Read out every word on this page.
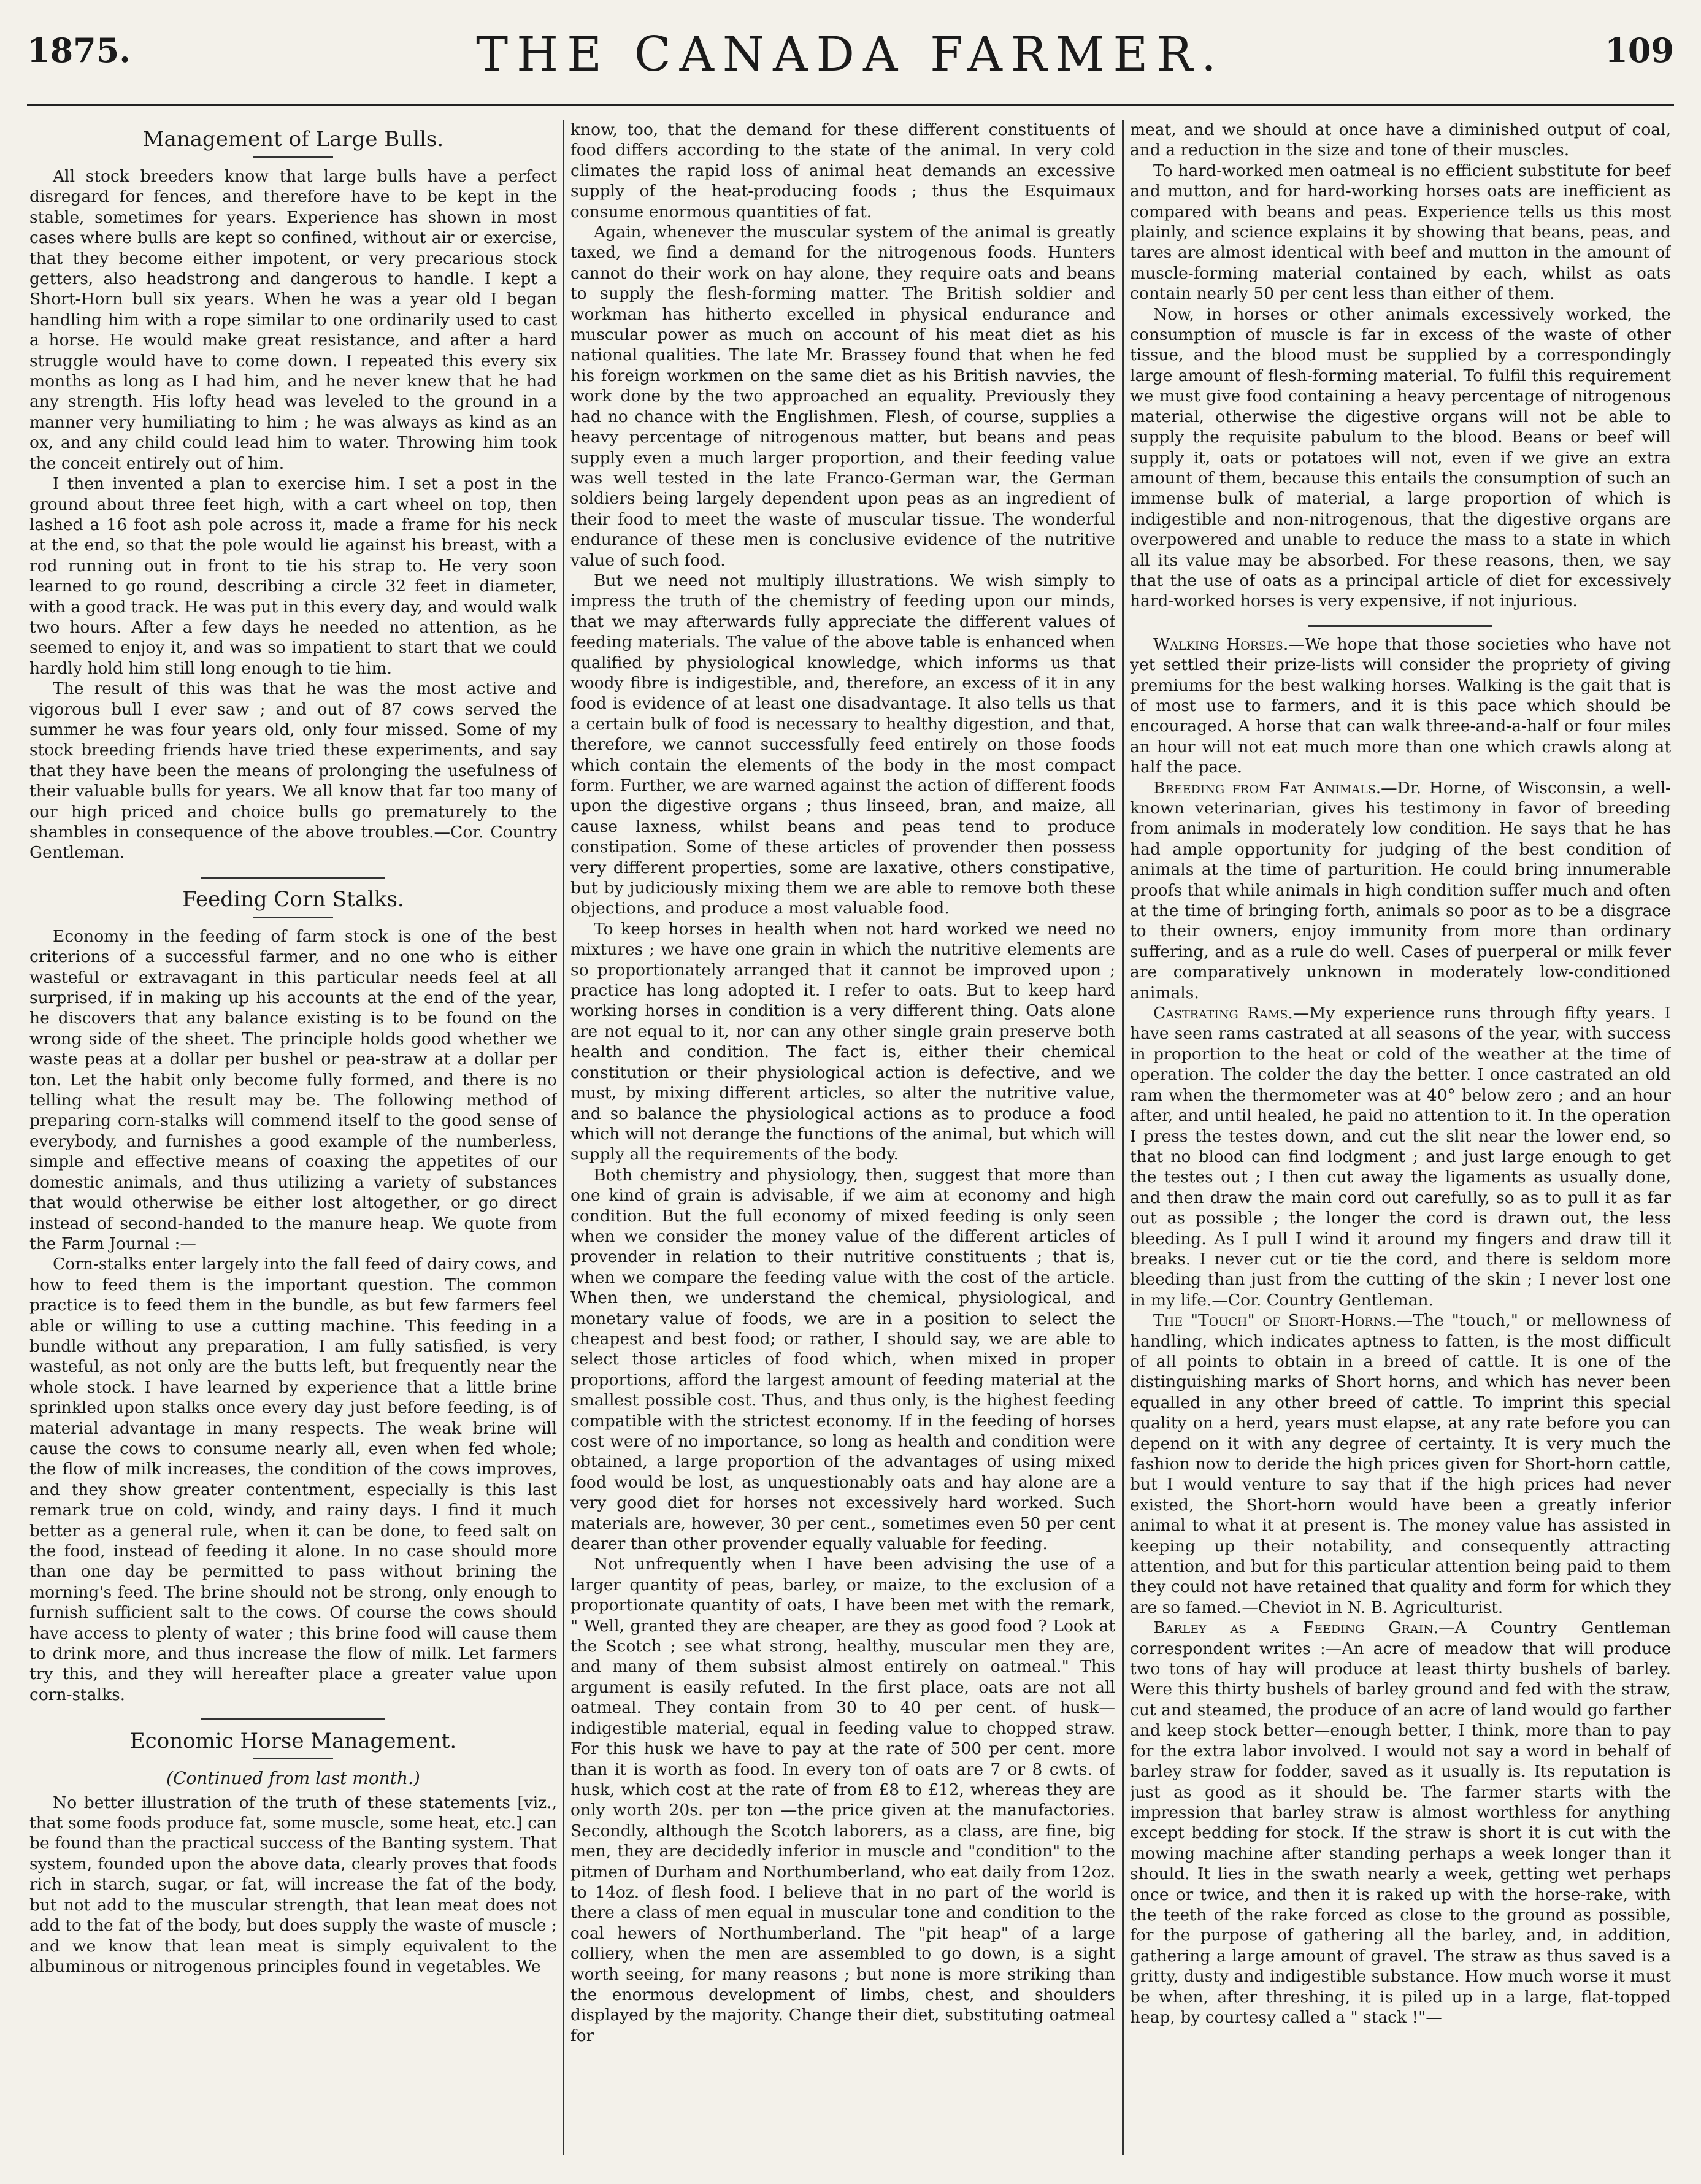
1875.	THE CANADA FARMER.	109
Management of Large Bulls.

All stock breeders know that large bulls have a perfect disregard for fences, and therefore have to be kept in the stable, sometimes for years. Experience has shown in most cases where bulls are kept so confined, without air or exercise, that they become either impotent, or very precarious stock getters, also headstrong and dangerous to handle. I kept a Short-Horn bull six years. When he was a year old I began handling him with a rope similar to one ordinarily used to cast a horse. He would make great resistance, and after a hard struggle would have to come down. I repeated this every six months as long as I had him, and he never knew that he had any strength. His lofty head was leveled to the ground in a manner very humiliating to him ; he was always as kind as an ox, and any child could lead him to water. Throwing him took the conceit entirely out of him.

I then invented a plan to exercise him. I set a post in the ground about three feet high, with a cart wheel on top, then lashed a 16 foot ash pole across it, made a frame for his neck at the end, so that the pole would lie against his breast, with a rod running out in front to tie his strap to. He very soon learned to go round, describing a circle 32 feet in diameter, with a good track. He was put in this every day, and would walk two hours. After a few days he needed no attention, as he seemed to enjoy it, and was so impatient to start that we could hardly hold him still long enough to tie him.

The result of this was that he was the most active and vigorous bull I ever saw ; and out of 87 cows served the summer he was four years old, only four missed. Some of my stock breeding friends have tried these experiments, and say that they have been the means of prolonging the usefulness of their valuable bulls for years. We all know that far too many of our high priced and choice bulls go prematurely to the shambles in consequence of the above troubles.—Cor. Country Gentleman.

Feeding Corn Stalks.

Economy in the feeding of farm stock is one of the best criterions of a successful farmer, and no one who is either wasteful or extravagant in this particular needs feel at all surprised, if in making up his accounts at the end of the year, he discovers that any balance existing is to be found on the wrong side of the sheet. The principle holds good whether we waste peas at a dollar per bushel or pea-straw at a dollar per ton. Let the habit only become fully formed, and there is no telling what the result may be. The following method of preparing corn-stalks will commend itself to the good sense of everybody, and furnishes a good example of the numberless, simple and effective means of coaxing the appetites of our domestic animals, and thus utilizing a variety of substances that would otherwise be either lost altogether, or go direct instead of second-handed to the manure heap. We quote from the Farm Journal :—

Corn-stalks enter largely into the fall feed of dairy cows, and how to feed them is the important question. The common practice is to feed them in the bundle, as but few farmers feel able or willing to use a cutting machine. This feeding in a bundle without any preparation, I am fully satisfied, is very wasteful, as not only are the butts left, but frequently near the whole stock. I have learned by experience that a little brine sprinkled upon stalks once every day just before feeding, is of material advantage in many respects. The weak brine will cause the cows to consume nearly all, even when fed whole; the flow of milk increases, the condition of the cows improves, and they show greater contentment, especially is this last remark true on cold, windy, and rainy days. I find it much better as a general rule, when it can be done, to feed salt on the food, instead of feeding it alone. In no case should more than one day be permitted to pass without brining the morning's feed. The brine should not be strong, only enough to furnish sufficient salt to the cows. Of course the cows should have access to plenty of water ; this brine food will cause them to drink more, and thus increase the flow of milk. Let farmers try this, and they will hereafter place a greater value upon corn-stalks.

Economic Horse Management.
(Continued from last month.)

No better illustration of the truth of these statements [viz., that some foods produce fat, some muscle, some heat, etc.] can be found than the practical success of the Banting system. That system, founded upon the above data, clearly proves that foods rich in starch, sugar, or fat, will increase the fat of the body, but not add to the muscular strength, that lean meat does not add to the fat of the body, but does supply the waste of muscle ; and we know that lean meat is simply equivalent to the albuminous or nitrogenous principles found in vegetables. We

know, too, that the demand for these different constituents of food differs according to the state of the animal. In very cold climates the rapid loss of animal heat demands an excessive supply of the heat-producing foods ; thus the Esquimaux consume enormous quantities of fat.

Again, whenever the muscular system of the animal is greatly taxed, we find a demand for the nitrogenous foods. Hunters cannot do their work on hay alone, they require oats and beans to supply the flesh-forming matter. The British soldier and workman has hitherto excelled in physical endurance and muscular power as much on account of his meat diet as his national qualities. The late Mr. Brassey found that when he fed his foreign workmen on the same diet as his British navvies, the work done by the two approached an equality. Previously they had no chance with the Englishmen. Flesh, of course, supplies a heavy percentage of nitrogenous matter, but beans and peas supply even a much larger proportion, and their feeding value was well tested in the late Franco-German war, the German soldiers being largely dependent upon peas as an ingredient of their food to meet the waste of muscular tissue. The wonderful endurance of these men is conclusive evidence of the nutritive value of such food.

But we need not multiply illustrations. We wish simply to impress the truth of the chemistry of feeding upon our minds, that we may afterwards fully appreciate the different values of feeding materials. The value of the above table is enhanced when qualified by physiological knowledge, which informs us that woody fibre is indigestible, and, therefore, an excess of it in any food is evidence of at least one disadvantage. It also tells us that a certain bulk of food is necessary to healthy digestion, and that, therefore, we cannot successfully feed entirely on those foods which contain the elements of the body in the most compact form. Further, we are warned against the action of different foods upon the digestive organs ; thus linseed, bran, and maize, all cause laxness, whilst beans and peas tend to produce constipation. Some of these articles of provender then possess very different properties, some are laxative, others constipative, but by judiciously mixing them we are able to remove both these objections, and produce a most valuable food.

To keep horses in health when not hard worked we need no mixtures ; we have one grain in which the nutritive elements are so proportionately arranged that it cannot be improved upon ; practice has long adopted it. I refer to oats. But to keep hard working horses in condition is a very different thing. Oats alone are not equal to it, nor can any other single grain preserve both health and condition. The fact is, either their chemical constitution or their physiological action is defective, and we must, by mixing different articles, so alter the nutritive value, and so balance the physiological actions as to produce a food which will not derange the functions of the animal, but which will supply all the requirements of the body.

Both chemistry and physiology, then, suggest that more than one kind of grain is advisable, if we aim at economy and high condition. But the full economy of mixed feeding is only seen when we consider the money value of the different articles of provender in relation to their nutritive constituents ; that is, when we compare the feeding value with the cost of the article. When then, we understand the chemical, physiological, and monetary value of foods, we are in a position to select the cheapest and best food; or rather, I should say, we are able to select those articles of food which, when mixed in proper proportions, afford the largest amount of feeding material at the smallest possible cost. Thus, and thus only, is the highest feeding compatible with the strictest economy. If in the feeding of horses cost were of no importance, so long as health and condition were obtained, a large proportion of the advantages of using mixed food would be lost, as unquestionably oats and hay alone are a very good diet for horses not excessively hard worked. Such materials are, however, 30 per cent., sometimes even 50 per cent dearer than other provender equally valuable for feeding.

Not unfrequently when I have been advising the use of a larger quantity of peas, barley, or maize, to the exclusion of a proportionate quantity of oats, I have been met with the remark, " Well, granted they are cheaper, are they as good food ? Look at the Scotch ; see what strong, healthy, muscular men they are, and many of them subsist almost entirely on oatmeal." This argument is easily refuted. In the first place, oats are not all oatmeal. They contain from 30 to 40 per cent. of husk—indigestible material, equal in feeding value to chopped straw. For this husk we have to pay at the rate of 500 per cent. more than it is worth as food. In every ton of oats are 7 or 8 cwts. of husk, which cost at the rate of from £8 to £12, whereas they are only worth 20s. per ton —the price given at the manufactories. Secondly, although the Scotch laborers, as a class, are fine, big men, they are decidedly inferior in muscle and "condition" to the pitmen of Durham and Northumberland, who eat daily from 12oz. to 14oz. of flesh food. I believe that in no part of the world is there a class of men equal in muscular tone and condition to the coal hewers of Northumberland. The "pit heap" of a large colliery, when the men are assembled to go down, is a sight worth seeing, for many reasons ; but none is more striking than the enormous development of limbs, chest, and shoulders displayed by the majority. Change their diet, substituting oatmeal for

meat, and we should at once have a diminished output of coal, and a reduction in the size and tone of their muscles.

To hard-worked men oatmeal is no efficient substitute for beef and mutton, and for hard-working horses oats are inefficient as compared with beans and peas. Experience tells us this most plainly, and science explains it by showing that beans, peas, and tares are almost identical with beef and mutton in the amount of muscle-forming material contained by each, whilst as oats contain nearly 50 per cent less than either of them.

Now, in horses or other animals excessively worked, the consumption of muscle is far in excess of the waste of other tissue, and the blood must be supplied by a correspondingly large amount of flesh-forming material. To fulfil this requirement we must give food containing a heavy percentage of nitrogenous material, otherwise the digestive organs will not be able to supply the requisite pabulum to the blood. Beans or beef will supply it, oats or potatoes will not, even if we give an extra amount of them, because this entails the consumption of such an immense bulk of material, a large proportion of which is indigestible and non-nitrogenous, that the digestive organs are overpowered and unable to reduce the mass to a state in which all its value may be absorbed. For these reasons, then, we say that the use of oats as a principal article of diet for excessively hard-worked horses is very expensive, if not injurious.

Walking Horses.—We hope that those societies who have not yet settled their prize-lists will consider the propriety of giving premiums for the best walking horses. Walking is the gait that is of most use to farmers, and it is this pace which should be encouraged. A horse that can walk three-and-a-half or four miles an hour will not eat much more than one which crawls along at half the pace.

Breeding from Fat Animals.—Dr. Horne, of Wisconsin, a well-known veterinarian, gives his testimony in favor of breeding from animals in moderately low condition. He says that he has had ample opportunity for judging of the best condition of animals at the time of parturition. He could bring innumerable proofs that while animals in high condition suffer much and often at the time of bringing forth, animals so poor as to be a disgrace to their owners, enjoy immunity from more than ordinary suffering, and as a rule do well. Cases of puerperal or milk fever are comparatively unknown in moderately low-conditioned animals.

Castrating Rams.—My experience runs through fifty years. I have seen rams castrated at all seasons of the year, with success in proportion to the heat or cold of the weather at the time of operation. The colder the day the better. I once castrated an old ram when the thermometer was at 40° below zero ; and an hour after, and until healed, he paid no attention to it. In the operation I press the testes down, and cut the slit near the lower end, so that no blood can find lodgment ; and just large enough to get the testes out ; I then cut away the ligaments as usually done, and then draw the main cord out carefully, so as to pull it as far out as possible ; the longer the cord is drawn out, the less bleeding. As I pull I wind it around my fingers and draw till it breaks. I never cut or tie the cord, and there is seldom more bleeding than just from the cutting of the skin ; I never lost one in my life.—Cor. Country Gentleman.

The "Touch" of Short-Horns.—The "touch," or mellowness of handling, which indicates aptness to fatten, is the most difficult of all points to obtain in a breed of cattle. It is one of the distinguishing marks of Short horns, and which has never been equalled in any other breed of cattle. To imprint this special quality on a herd, years must elapse, at any rate before you can depend on it with any degree of certainty. It is very much the fashion now to deride the high prices given for Short-horn cattle, but I would venture to say that if the high prices had never existed, the Short-horn would have been a greatly inferior animal to what it at present is. The money value has assisted in keeping up their notability, and consequently attracting attention, and but for this particular attention being paid to them they could not have retained that quality and form for which they are so famed.—Cheviot in N. B. Agriculturist.

Barley as a Feeding Grain.—A Country Gentleman correspondent writes :—An acre of meadow that will produce two tons of hay will produce at least thirty bushels of barley. Were this thirty bushels of barley ground and fed with the straw, cut and steamed, the produce of an acre of land would go farther and keep stock better—enough better, I think, more than to pay for the extra labor involved. I would not say a word in behalf of barley straw for fodder, saved as it usually is. Its reputation is just as good as it should be. The farmer starts with the impression that barley straw is almost worthless for anything except bedding for stock. If the straw is short it is cut with the mowing machine after standing perhaps a week longer than it should. It lies in the swath nearly a week, getting wet perhaps once or twice, and then it is raked up with the horse-rake, with the teeth of the rake forced as close to the ground as possible, for the purpose of gathering all the barley, and, in addition, gathering a large amount of gravel. The straw as thus saved is a gritty, dusty and indigestible substance. How much worse it must be when, after threshing, it is piled up in a large, flat-topped heap, by courtesy called a " stack !"—
